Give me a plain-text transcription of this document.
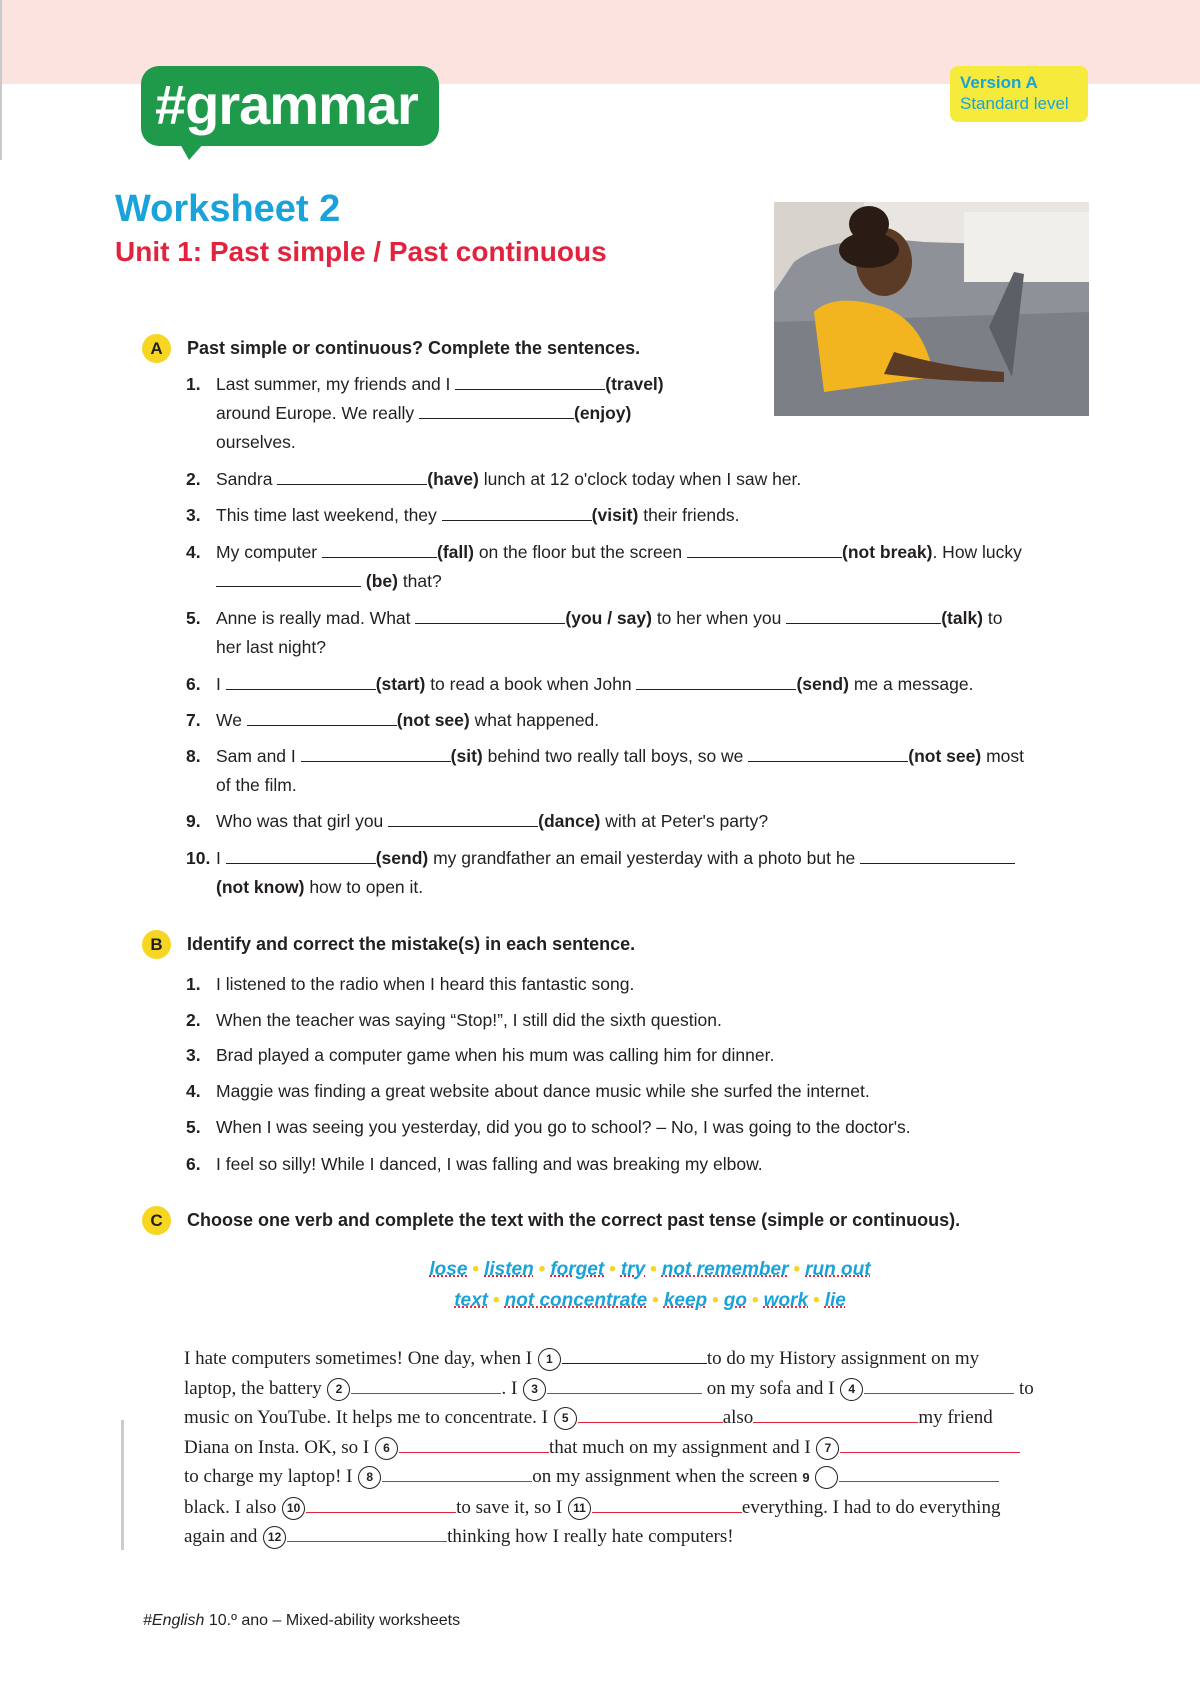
#grammar	Version A
Standard level
Worksheet 2
Unit 1: Past simple / Past continuous
A	Past simple or continuous? Complete the sentences.
1. Last summer, my friends and I	(travel)
around Europe. We really	(enjoy)
ourselves.
2. Sandra	(have) lunch at 12 o'clock today when I saw her.
3. This time last weekend, they	(visit) their friends.
4. My computer	(fall) on the floor but the screen	(not break). How lucky
(be) that?
5. Anne is really mad. What	(you / say) to her when you	(talk) to
her last night?
6. I	(start) to read a book when John	(send) me a message.
7. We	(not see) what happened.
8. Sam and I	(sit) behind two really tall boys, so we	(not see) most
of the film.
9. Who was that girl you	(dance) with at Peter's party?
10. I	(send) my grandfather an email yesterday with a photo but he
(not know) how to open it.
B	Identify and correct the mistake(s) in each sentence.
1. I listened to the radio when I heard this fantastic song.
2. When the teacher was saying “Stop!”, I still did the sixth question.
3. Brad played a computer game when his mum was calling him for dinner.
4. Maggie was finding a great website about dance music while she surfed the internet.
5. When I was seeing you yesterday, did you go to school? – No, I was going to the doctor's.
6. I feel so silly! While I danced, I was falling and was breaking my elbow.
C	Choose one verb and complete the text with the correct past tense (simple or continuous).
lose • listen • forget • try • not remember • run out
text • not concentrate • keep • go • work • lie
I hate computers sometimes! One day, when I 1	to do my History assignment on my
laptop, the battery 2	. I 3	on my sofa and I 4	to
music on YouTube. It helps me to concentrate. I 5	also	my friend
Diana on Insta. OK, so I 6	that much on my assignment and I 7
to charge my laptop! I 8	on my assignment when the screen 9
black. I also 10	to save it, so I 11	everything. I had to do everything
again and 12	thinking how I really hate computers!
#English 10.º ano – Mixed-ability worksheets
